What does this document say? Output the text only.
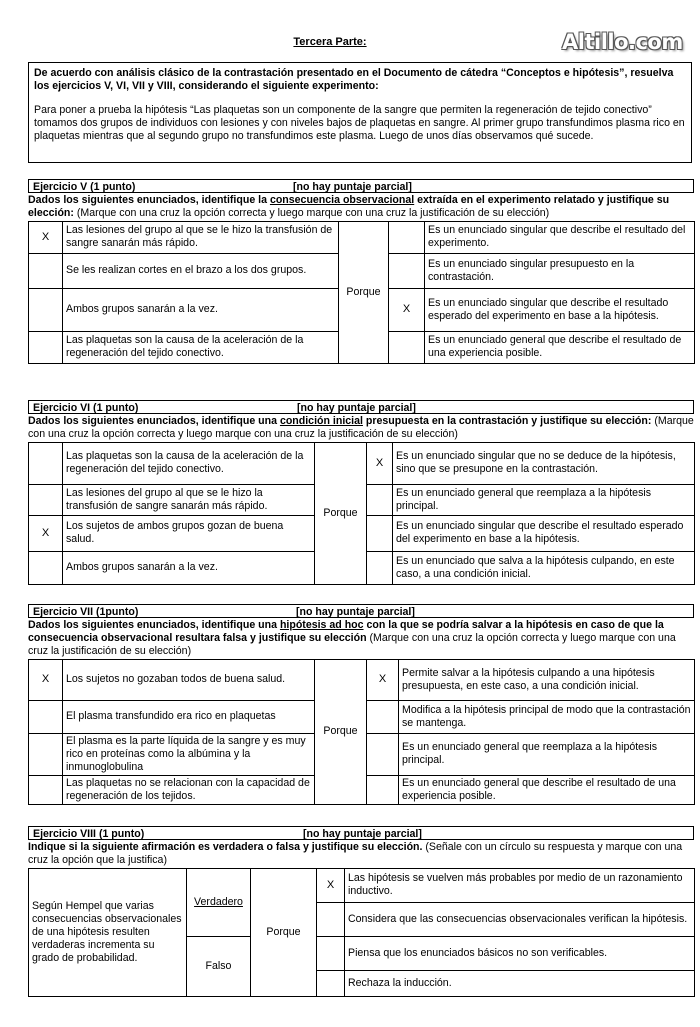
Altillo.com
Tercera Parte:
De acuerdo con análisis clásico de la contrastación presentado en el Documento de cátedra “Conceptos e hipótesis”, resuelva los ejercicios V, VI, VII y VIII, considerando el siguiente experimento:
Para poner a prueba la hipótesis “Las plaquetas son un componente de la sangre que permiten la regeneración de tejido conectivo” tomamos dos grupos de individuos con lesiones y con niveles bajos de plaquetas en sangre. Al primer grupo transfundimos plasma rico en plaquetas mientras que al segundo grupo no transfundimos este plasma. Luego de unos días observamos qué sucede.
Ejercicio V (1 punto)	[no hay puntaje parcial]
Dados los siguientes enunciados, identifique la consecuencia observacional extraída en el experimento relatado y justifique su elección: (Marque con una cruz la opción correcta y luego marque con una cruz la justificación de su elección)
X	Las lesiones del grupo al que se le hizo la transfusión de sangre sanarán más rápido.	Porque		Es un enunciado singular que describe el resultado del experimento.
	Se les realizan cortes en el brazo a los dos grupos.			Es un enunciado singular presupuesto en la contrastación.
	Ambos grupos sanarán a la vez.		X	Es un enunciado singular que describe el resultado esperado del experimento en base a la hipótesis.
	Las plaquetas son la causa de la aceleración de la regeneración del tejido conectivo.			Es un enunciado general que describe el resultado de una experiencia posible.
Ejercicio VI (1 punto)	[no hay puntaje parcial]
Dados los siguientes enunciados, identifique una condición inicial presupuesta en la contrastación y justifique su elección: (Marque con una cruz la opción correcta y luego marque con una cruz la justificación de su elección)
	Las plaquetas son la causa de la aceleración de la regeneración del tejido conectivo.	Porque	X	Es un enunciado singular que no se deduce de la hipótesis, sino que se presupone en la contrastación.
	Las lesiones del grupo al que se le hizo la transfusión de sangre sanarán más rápido.			Es un enunciado general que reemplaza a la hipótesis principal.
X	Los sujetos de ambos grupos gozan de buena salud.			Es un enunciado singular que describe el resultado esperado del experimento en base a la hipótesis.
	Ambos grupos sanarán a la vez.			Es un enunciado que salva a la hipótesis culpando, en este caso, a una condición inicial.
Ejercicio VII (1punto)	[no hay puntaje parcial]
Dados los siguientes enunciados, identifique una hipótesis ad hoc con la que se podría salvar a la hipótesis en caso de que la consecuencia observacional resultara falsa y justifique su elección (Marque con una cruz la opción correcta y luego marque con una cruz la justificación de su elección)
X	Los sujetos no gozaban todos de buena salud.	Porque	X	Permite salvar a la hipótesis culpando a una hipótesis presupuesta, en este caso, a una condición inicial.
	El plasma transfundido era rico en plaquetas			Modifica a la hipótesis principal de modo que la contrastación se mantenga.
	El plasma es la parte líquida de la sangre y es muy rico en proteínas como la albúmina y la inmunoglobulina			Es un enunciado general que reemplaza a la hipótesis principal.
	Las plaquetas no se relacionan con la capacidad de regeneración de los tejidos.			Es un enunciado general que describe el resultado de una experiencia posible.
Ejercicio VIII (1 punto)	[no hay puntaje parcial]
Indique si la siguiente afirmación es verdadera o falsa y justifique su elección. (Señale con un círculo su respuesta y marque con una cruz la opción que la justifica)
Según Hempel que varias consecuencias observacionales de una hipótesis resulten verdaderas incrementa su grado de probabilidad.	Verdadero	Porque	X	Las hipótesis se vuelven más probables por medio de un razonamiento inductivo.
				Considera que las consecuencias observacionales verifican la hipótesis.
	Falso			Piensa que los enunciados básicos no son verificables.
				Rechaza la inducción.
